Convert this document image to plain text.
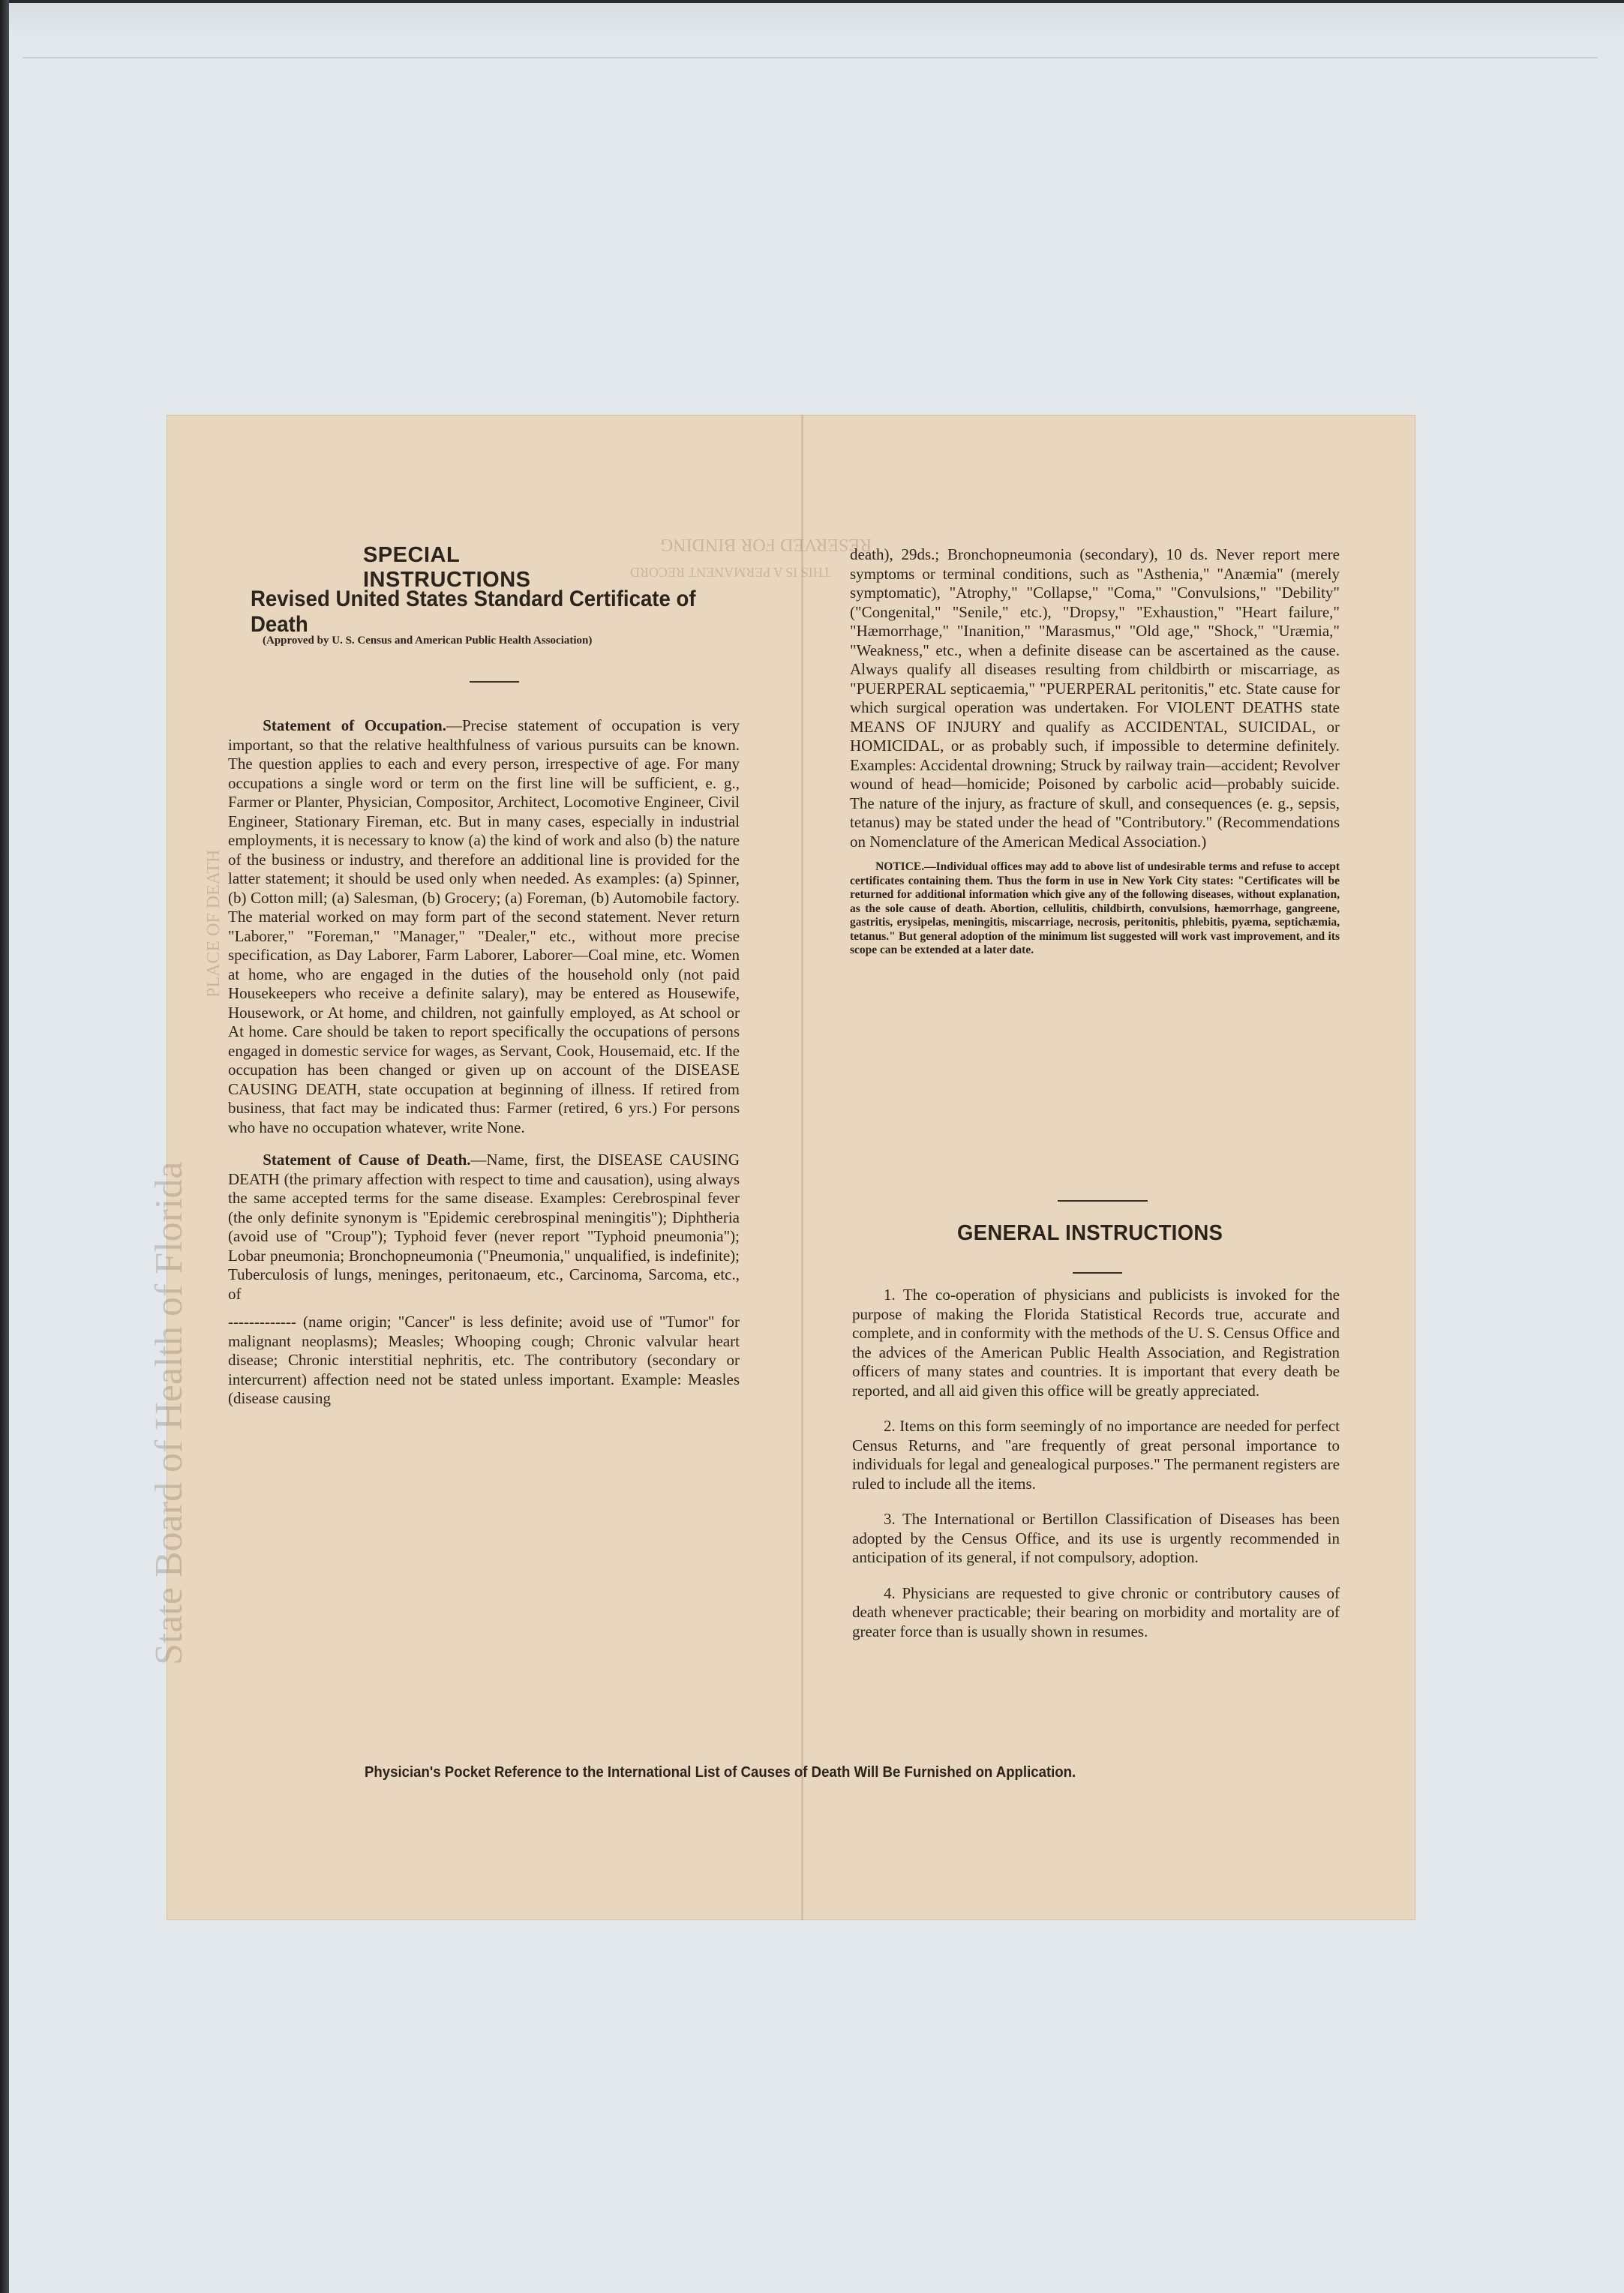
State Board of Health of Florida
PLACE OF DEATH
RESERVED FOR BINDING
THIS IS A PERMANENT RECORD
SPECIAL INSTRUCTIONS
Revised United States Standard Certificate of Death
(Approved by U. S. Census and American Public Health Association)

Statement of Occupation.—Precise statement of occupation is very important, so that the relative healthfulness of various pursuits can be known. The question applies to each and every person, irrespective of age. For many occupations a single word or term on the first line will be sufficient, e. g., Farmer or Planter, Physician, Compositor, Architect, Locomotive Engineer, Civil Engineer, Stationary Fireman, etc. But in many cases, especially in industrial employments, it is necessary to know (a) the kind of work and also (b) the nature of the business or industry, and therefore an additional line is provided for the latter statement; it should be used only when needed. As examples: (a) Spinner, (b) Cotton mill; (a) Salesman, (b) Grocery; (a) Foreman, (b) Automobile factory. The material worked on may form part of the second statement. Never return "Laborer," "Foreman," "Manager," "Dealer," etc., without more precise specification, as Day Laborer, Farm Laborer, Laborer—Coal mine, etc. Women at home, who are engaged in the duties of the household only (not paid Housekeepers who receive a definite salary), may be entered as Housewife, Housework, or At home, and children, not gainfully employed, as At school or At home. Care should be taken to report specifically the occupations of persons engaged in domestic service for wages, as Servant, Cook, Housemaid, etc. If the occupation has been changed or given up on account of the DISEASE CAUSING DEATH, state occupation at beginning of illness. If retired from business, that fact may be indicated thus: Farmer (retired, 6 yrs.) For persons who have no occupation whatever, write None.

Statement of Cause of Death.—Name, first, the DISEASE CAUSING DEATH (the primary affection with respect to time and causation), using always the same accepted terms for the same disease. Examples: Cerebrospinal fever (the only definite synonym is "Epidemic cerebrospinal meningitis"); Diphtheria (avoid use of "Croup"); Typhoid fever (never report "Typhoid pneumonia"); Lobar pneumonia; Bronchopneumonia ("Pneumonia," unqualified, is indefinite); Tuberculosis of lungs, meninges, peritonaeum, etc., Carcinoma, Sarcoma, etc., of

------------- (name origin; "Cancer" is less definite; avoid use of "Tumor" for malignant neoplasms); Measles; Whooping cough; Chronic valvular heart disease; Chronic interstitial nephritis, etc. The contributory (secondary or intercurrent) affection need not be stated unless important. Example: Measles (disease causing

death), 29ds.; Bronchopneumonia (secondary), 10 ds. Never report mere symptoms or terminal conditions, such as "Asthenia," "Anæmia" (merely symptomatic), "Atrophy," "Collapse," "Coma," "Convulsions," "Debility" ("Congenital," "Senile," etc.), "Dropsy," "Exhaustion," "Heart failure," "Hæmorrhage," "Inanition," "Marasmus," "Old age," "Shock," "Uræmia," "Weakness," etc., when a definite disease can be ascertained as the cause. Always qualify all diseases resulting from childbirth or miscarriage, as "PUERPERAL septicaemia," "PUERPERAL peritonitis," etc. State cause for which surgical operation was undertaken. For VIOLENT DEATHS state MEANS OF INJURY and qualify as ACCIDENTAL, SUICIDAL, or HOMICIDAL, or as probably such, if impossible to determine definitely. Examples: Accidental drowning; Struck by railway train—accident; Revolver wound of head—homicide; Poisoned by carbolic acid—probably suicide. The nature of the injury, as fracture of skull, and consequences (e. g., sepsis, tetanus) may be stated under the head of "Contributory." (Recommendations on Nomenclature of the American Medical Association.)

NOTICE.—Individual offices may add to above list of undesirable terms and refuse to accept certificates containing them. Thus the form in use in New York City states: "Certificates will be returned for additional information which give any of the following diseases, without explanation, as the sole cause of death. Abortion, cellulitis, childbirth, convulsions, hæmorrhage, gangreene, gastritis, erysipelas, meningitis, miscarriage, necrosis, peritonitis, phlebitis, pyæma, septichæmia, tetanus." But general adoption of the minimum list suggested will work vast improvement, and its scope can be extended at a later date.

GENERAL INSTRUCTIONS

1. The co-operation of physicians and publicists is invoked for the purpose of making the Florida Statistical Records true, accurate and complete, and in conformity with the methods of the U. S. Census Office and the advices of the American Public Health Association, and Registration officers of many states and countries. It is important that every death be reported, and all aid given this office will be greatly appreciated.

2. Items on this form seemingly of no importance are needed for perfect Census Returns, and "are frequently of great personal importance to individuals for legal and genealogical purposes." The permanent registers are ruled to include all the items.

3. The International or Bertillon Classification of Diseases has been adopted by the Census Office, and its use is urgently recommended in anticipation of its general, if not compulsory, adoption.

4. Physicians are requested to give chronic or contributory causes of death whenever practicable; their bearing on morbidity and mortality are of greater force than is usually shown in resumes.

Physician's Pocket Reference to the International List of Causes of Death Will Be Furnished on Application.
